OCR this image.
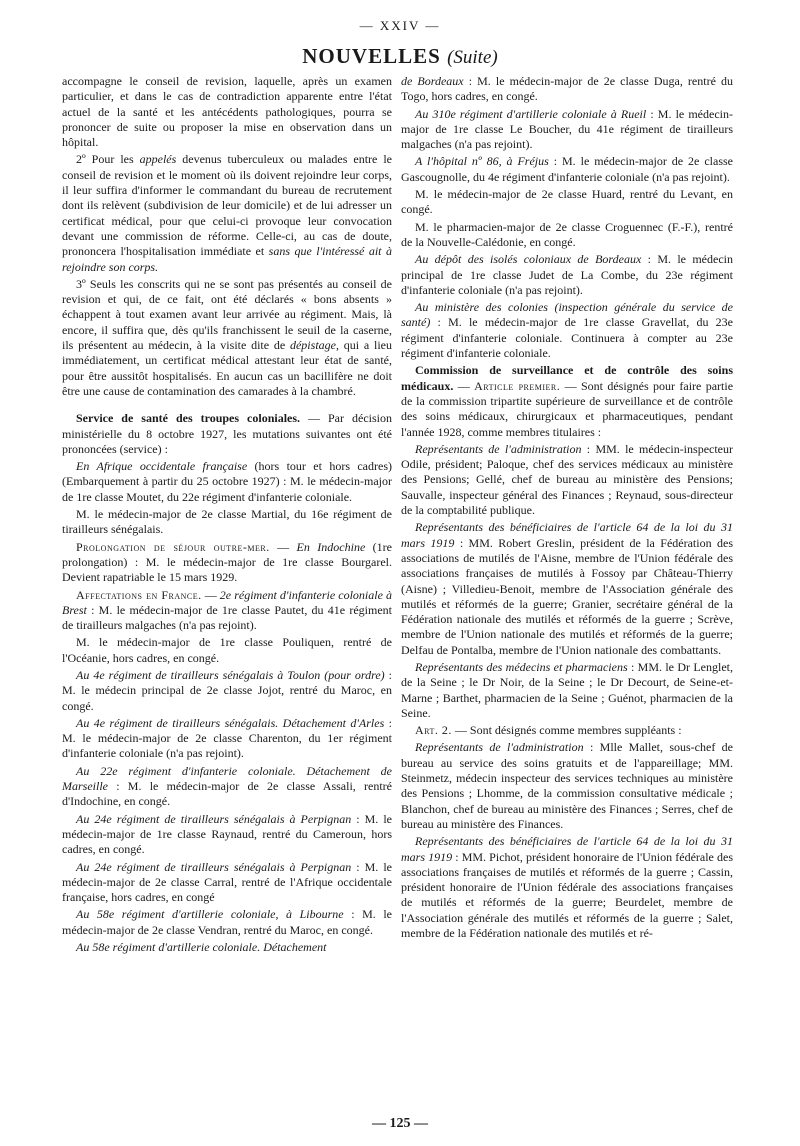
— XXIV —
NOUVELLES (Suite)

accompagne le conseil de revision, laquelle, après un examen particulier, et dans le cas de contradiction apparente entre l'état actuel de la santé et les antécédents pathologiques, pourra se prononcer de suite ou proposer la mise en observation dans un hôpital.

2º Pour les appelés devenus tuberculeux ou malades entre le conseil de revision et le moment où ils doivent rejoindre leur corps, il leur suffira d'informer le commandant du bureau de recrutement dont ils relèvent (subdivision de leur domicile) et de lui adresser un certificat médical, pour que celui-ci provoque leur convocation devant une commission de réforme. Celle-ci, au cas de doute, prononcera l'hospitalisation immédiate et sans que l'intéressé ait à rejoindre son corps.

3º Seuls les conscrits qui ne se sont pas présentés au conseil de revision et qui, de ce fait, ont été déclarés « bons absents » échappent à tout examen avant leur arrivée au régiment. Mais, là encore, il suffira que, dès qu'ils franchissent le seuil de la caserne, ils présentent au médecin, à la visite dite de dépistage, qui a lieu immédiatement, un certificat médical attestant leur état de santé, pour être aussitôt hospitalisés. En aucun cas un bacillifère ne doit être une cause de contamination des camarades à la chambré.

Service de santé des troupes coloniales. — Par décision ministérielle du 8 octobre 1927, les mutations suivantes ont été prononcées (service) :

En Afrique occidentale française (hors tour et hors cadres) (Embarquement à partir du 25 octobre 1927) : M. le médecin-major de 1re classe Moutet, du 22e régiment d'infanterie coloniale.

M. le médecin-major de 2e classe Martial, du 16e régiment de tirailleurs sénégalais.

Prolongation de séjour outre-mer. — En Indochine (1re prolongation) : M. le médecin-major de 1re classe Bourgarel. Devient rapatriable le 15 mars 1929.

Affectations en France. — 2e régiment d'infanterie coloniale à Brest : M. le médecin-major de 1re classe Pautet, du 41e régiment de tirailleurs malgaches (n'a pas rejoint).

M. le médecin-major de 1re classe Pouliquen, rentré de l'Océanie, hors cadres, en congé.

Au 4e régiment de tirailleurs sénégalais à Toulon (pour ordre) : M. le médecin principal de 2e classe Jojot, rentré du Maroc, en congé.

Au 4e régiment de tirailleurs sénégalais. Détachement d'Arles : M. le médecin-major de 2e classe Charenton, du 1er régiment d'infanterie coloniale (n'a pas rejoint).

Au 22e régiment d'infanterie coloniale. Détachement de Marseille : M. le médecin-major de 2e classe Assali, rentré d'Indochine, en congé.

Au 24e régiment de tirailleurs sénégalais à Perpignan : M. le médecin-major de 1re classe Raynaud, rentré du Cameroun, hors cadres, en congé.

Au 24e régiment de tirailleurs sénégalais à Perpignan : M. le médecin-major de 2e classe Carral, rentré de l'Afrique occidentale française, hors cadres, en congé

Au 58e régiment d'artillerie coloniale, à Libourne : M. le médecin-major de 2e classe Vendran, rentré du Maroc, en congé.

Au 58e régiment d'artillerie coloniale. Détachement

de Bordeaux : M. le médecin-major de 2e classe Duga, rentré du Togo, hors cadres, en congé.

Au 310e régiment d'artillerie coloniale à Rueil : M. le médecin-major de 1re classe Le Boucher, du 41e régiment de tirailleurs malgaches (n'a pas rejoint).

A l'hôpital nº 86, à Fréjus : M. le médecin-major de 2e classe Gascougnolle, du 4e régiment d'infanterie coloniale (n'a pas rejoint).

M. le médecin-major de 2e classe Huard, rentré du Levant, en congé.

M. le pharmacien-major de 2e classe Croguennec (F.-F.), rentré de la Nouvelle-Calédonie, en congé.

Au dépôt des isolés coloniaux de Bordeaux : M. le médecin principal de 1re classe Judet de La Combe, du 23e régiment d'infanterie coloniale (n'a pas rejoint).

Au ministère des colonies (inspection générale du service de santé) : M. le médecin-major de 1re classe Gravellat, du 23e régiment d'infanterie coloniale. Continuera à compter au 23e régiment d'infanterie coloniale.

Commission de surveillance et de contrôle des soins médicaux. — Article premier. — Sont désignés pour faire partie de la commission tripartite supérieure de surveillance et de contrôle des soins médicaux, chirurgicaux et pharmaceutiques, pendant l'année 1928, comme membres titulaires :

Représentants de l'administration : MM. le médecin-inspecteur Odile, président; Paloque, chef des services médicaux au ministère des Pensions; Gellé, chef de bureau au ministère des Pensions; Sauvalle, inspecteur général des Finances ; Reynaud, sous-directeur de la comptabilité publique.

Représentants des bénéficiaires de l'article 64 de la loi du 31 mars 1919 : MM. Robert Greslin, président de la Fédération des associations de mutilés de l'Aisne, membre de l'Union fédérale des associations françaises de mutilés à Fossoy par Château-Thierry (Aisne) ; Villedieu-Benoit, membre de l'Association générale des mutilés et réformés de la guerre; Granier, secrétaire général de la Fédération nationale des mutilés et réformés de la guerre ; Scrève, membre de l'Union nationale des mutilés et réformés de la guerre; Delfau de Pontalba, membre de l'Union nationale des combattants.

Représentants des médecins et pharmaciens : MM. le Dr Lenglet, de la Seine ; le Dr Noir, de la Seine ; le Dr Decourt, de Seine-et-Marne ; Barthet, pharmacien de la Seine ; Guénot, pharmacien de la Seine.

Art. 2. — Sont désignés comme membres suppléants :

Représentants de l'administration : Mlle Mallet, sous-chef de bureau au service des soins gratuits et de l'appareillage; MM. Steinmetz, médecin inspecteur des services techniques au ministère des Pensions ; Lhomme, de la commission consultative médicale ; Blanchon, chef de bureau au ministère des Finances ; Serres, chef de bureau au ministère des Finances.

Représentants des bénéficiaires de l'article 64 de la loi du 31 mars 1919 : MM. Pichot, président honoraire de l'Union fédérale des associations françaises de mutilés et réformés de la guerre ; Cassin, président honoraire de l'Union fédérale des associations françaises de mutilés et réformés de la guerre; Beurdelet, membre de l'Association générale des mutilés et réformés de la guerre ; Salet, membre de la Fédération nationale des mutilés et ré-

— 125 —
